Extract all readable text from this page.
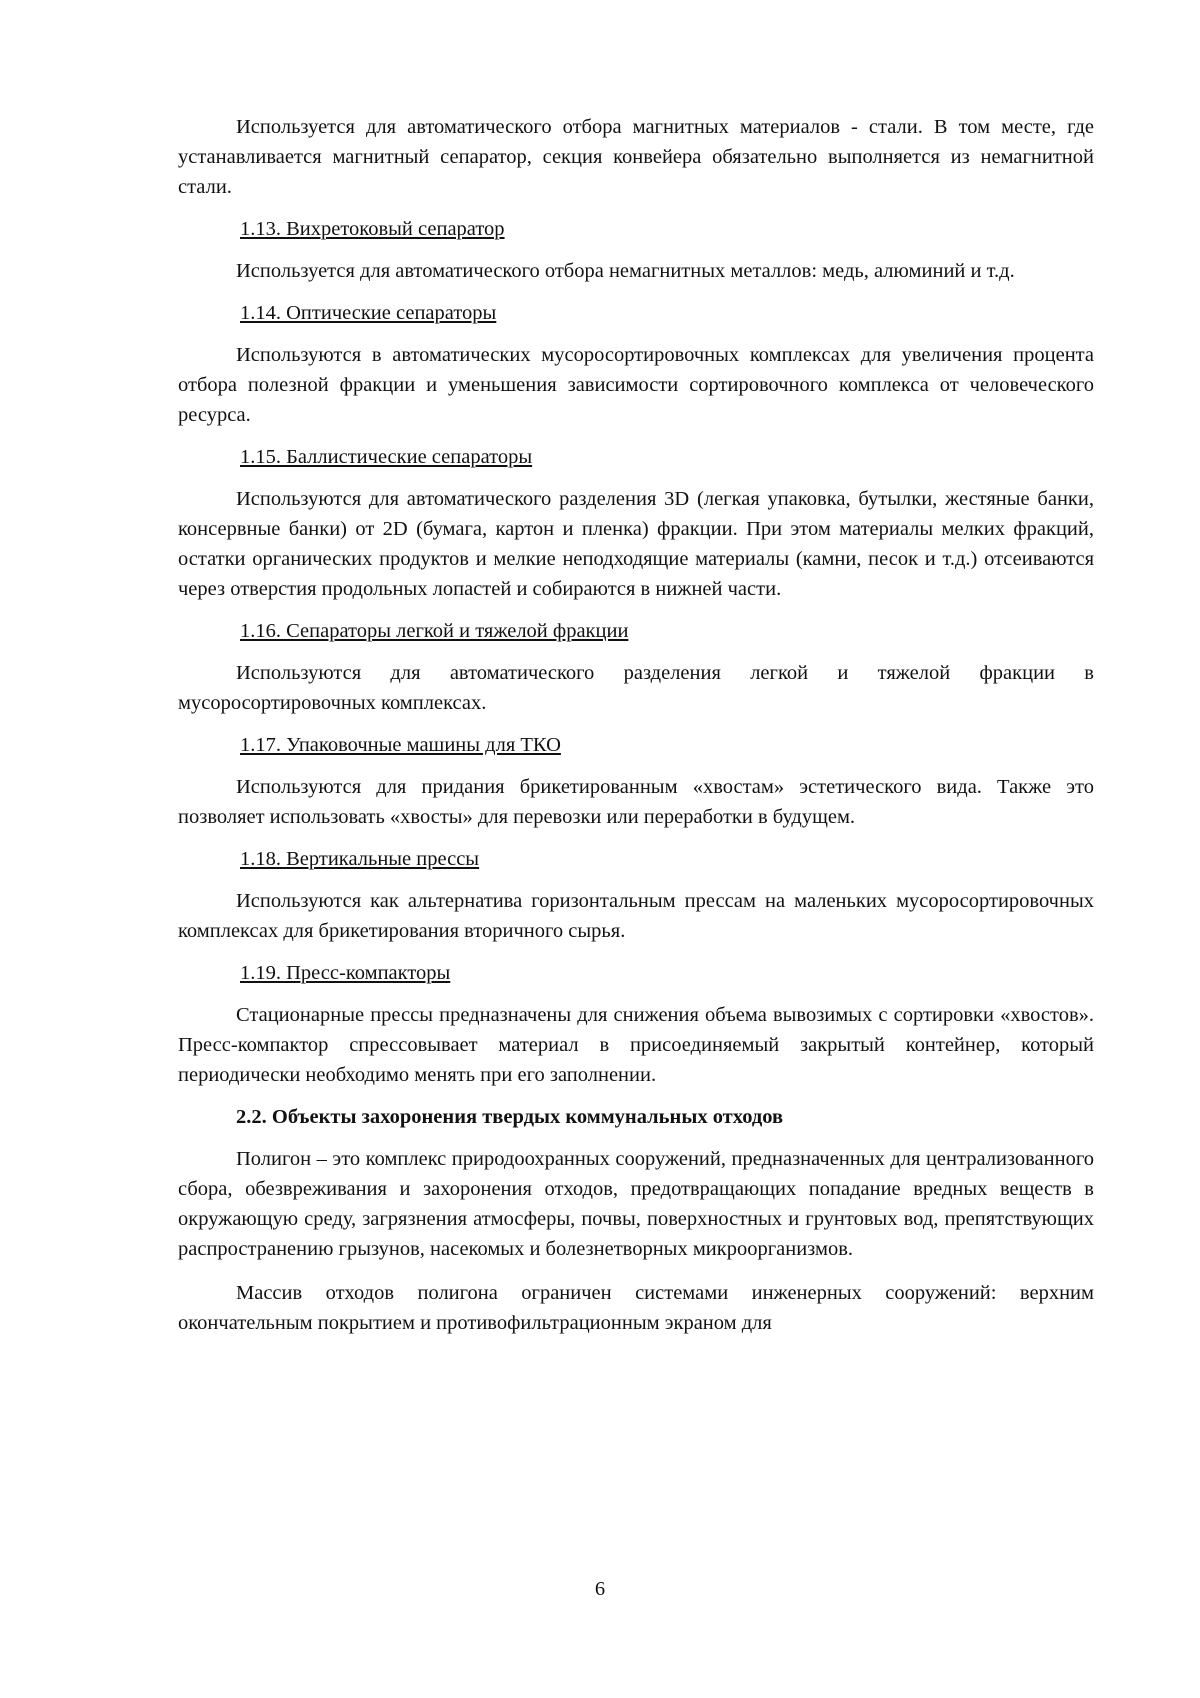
Используется для автоматического отбора магнитных материалов - стали. В том месте, где устанавливается магнитный сепаратор, секция конвейера обязательно выполняется из немагнитной стали.

1.13. Вихретоковый сепаратор

Используется для автоматического отбора немагнитных металлов: медь, алюминий и т.д.

1.14. Оптические сепараторы

Используются в автоматических мусоросортировочных комплексах для увеличения процента отбора полезной фракции и уменьшения зависимости сортировочного комплекса от человеческого ресурса.

1.15. Баллистические сепараторы

Используются для автоматического разделения 3D (легкая упаковка, бутылки, жестяные банки, консервные банки) от 2D (бумага, картон и пленка) фракции. При этом материалы мелких фракций, остатки органических продуктов и мелкие неподходящие материалы (камни, песок и т.д.) отсеиваются через отверстия продольных лопастей и собираются в нижней части.

1.16. Сепараторы легкой и тяжелой фракции

Используются для автоматического разделения легкой и тяжелой фракции в мусоросортировочных комплексах.

1.17. Упаковочные машины для ТКО

Используются для придания брикетированным «хвостам» эстетического вида. Также это позволяет использовать «хвосты» для перевозки или переработки в будущем.

1.18. Вертикальные прессы

Используются как альтернатива горизонтальным прессам на маленьких мусоросортировочных комплексах для брикетирования вторичного сырья.

1.19. Пресс-компакторы

Стационарные прессы предназначены для снижения объема вывозимых с сортировки «хвостов». Пресс-компактор спрессовывает материал в присоединяемый закрытый контейнер, который периодически необходимо менять при его заполнении.

2.2. Объекты захоронения твердых коммунальных отходов

Полигон – это комплекс природоохранных сооружений, предназначенных для централизованного сбора, обезвреживания и захоронения отходов, предотвращающих попадание вредных веществ в окружающую среду, загрязнения атмосферы, почвы, поверхностных и грунтовых вод, препятствующих распространению грызунов, насекомых и болезнетворных микроорганизмов.

Массив отходов полигона ограничен системами инженерных сооружений: верхним окончательным покрытием и противофильтрационным экраном для

6
